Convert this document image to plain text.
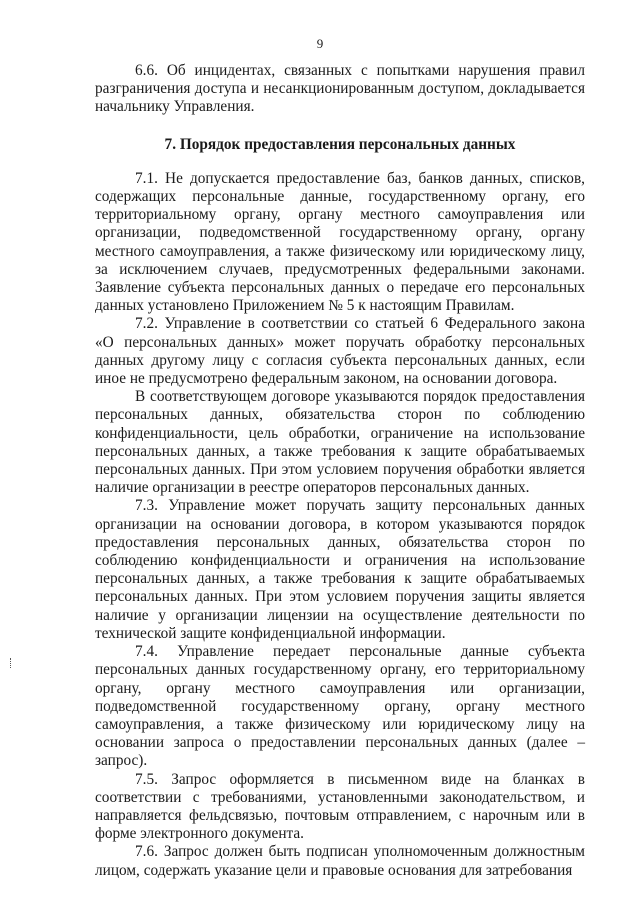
9

6.6. Об инцидентах, связанных с попытками нарушения правил разграничения доступа и несанкционированным доступом, докладывается начальнику Управления.

7. Порядок предоставления персональных данных

7.1. Не допускается предоставление баз, банков данных, списков, содержащих персональные данные, государственному органу, его территориальному органу, органу местного самоуправления или организации, подведомственной государственному органу, органу местного самоуправления, а также физическому или юридическому лицу, за исключением случаев, предусмотренных федеральными законами. Заявление субъекта персональных данных о передаче его персональных данных установлено Приложением № 5 к настоящим Правилам.

7.2. Управление в соответствии со статьей 6 Федерального закона «О персональных данных» может поручать обработку персональных данных другому лицу с согласия субъекта персональных данных, если иное не предусмотрено федеральным законом, на основании договора.

В соответствующем договоре указываются порядок предоставления персональных данных, обязательства сторон по соблюдению конфиденциальности, цель обработки, ограничение на использование персональных данных, а также требования к защите обрабатываемых персональных данных. При этом условием поручения обработки является наличие организации в реестре операторов персональных данных.

7.3. Управление может поручать защиту персональных данных организации на основании договора, в котором указываются порядок предоставления персональных данных, обязательства сторон по соблюдению конфиденциальности и ограничения на использование персональных данных, а также требования к защите обрабатываемых персональных данных. При этом условием поручения защиты является наличие у организации лицензии на осуществление деятельности по технической защите конфиденциальной информации.

7.4. Управление передает персональные данные субъекта персональных данных государственному органу, его территориальному органу, органу местного самоуправления или организации, подведомственной государственному органу, органу местного самоуправления, а также физическому или юридическому лицу на основании запроса о предоставлении персональных данных (далее – запрос).

7.5. Запрос оформляется в письменном виде на бланках в соответствии с требованиями, установленными законодательством, и направляется фельдсвязью, почтовым отправлением, с нарочным или в форме электронного документа.

7.6. Запрос должен быть подписан уполномоченным должностным лицом, содержать указание цели и правовые основания для затребования
